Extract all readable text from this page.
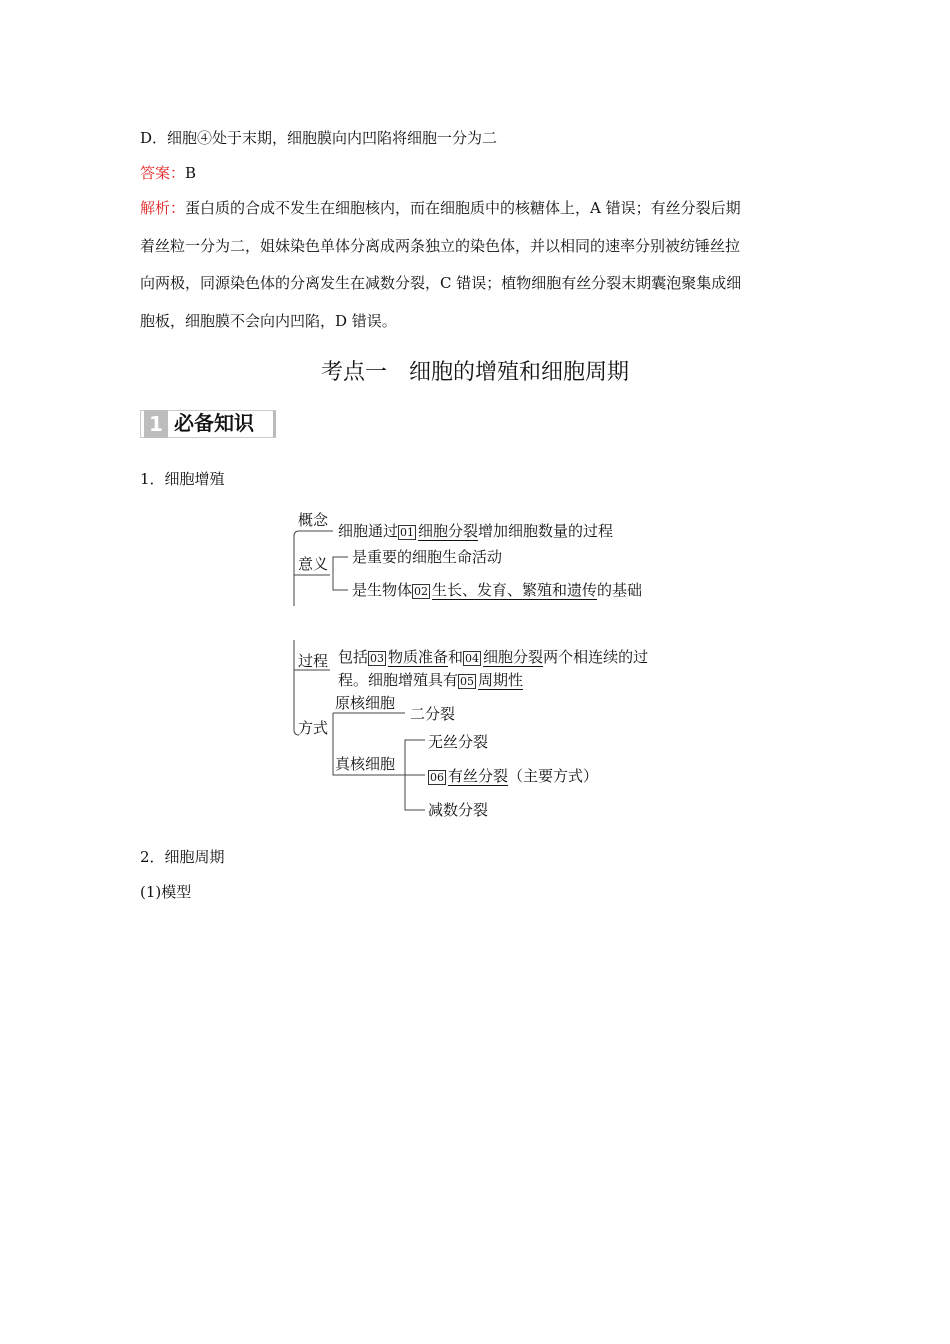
D．细胞④处于末期，细胞膜向内凹陷将细胞一分为二
答案：B
解析：蛋白质的合成不发生在细胞核内，而在细胞质中的核糖体上，A 错误；有丝分裂后期
着丝粒一分为二，姐妹染色单体分离成两条独立的染色体，并以相同的速率分别被纺锤丝拉
向两极，同源染色体的分离发生在减数分裂，C 错误；植物细胞有丝分裂末期囊泡聚集成细
胞板，细胞膜不会向内凹陷，D 错误。
考点一　细胞的增殖和细胞周期
1 必备知识
1．细胞增殖
概念
细胞通过 01 细胞分裂增加细胞数量的过程
意义 是重要的细胞生命活动
是生物体 02 生长、发育、繁殖和遗传的基础
过程 包括 03 物质准备和 04 细胞分裂两个相连续的过
程。细胞增殖具有 05 周期性
方式
原核细胞
二分裂
真核细胞
无丝分裂
06 有丝分裂（主要方式）
减数分裂
2．细胞周期
(1)模型
